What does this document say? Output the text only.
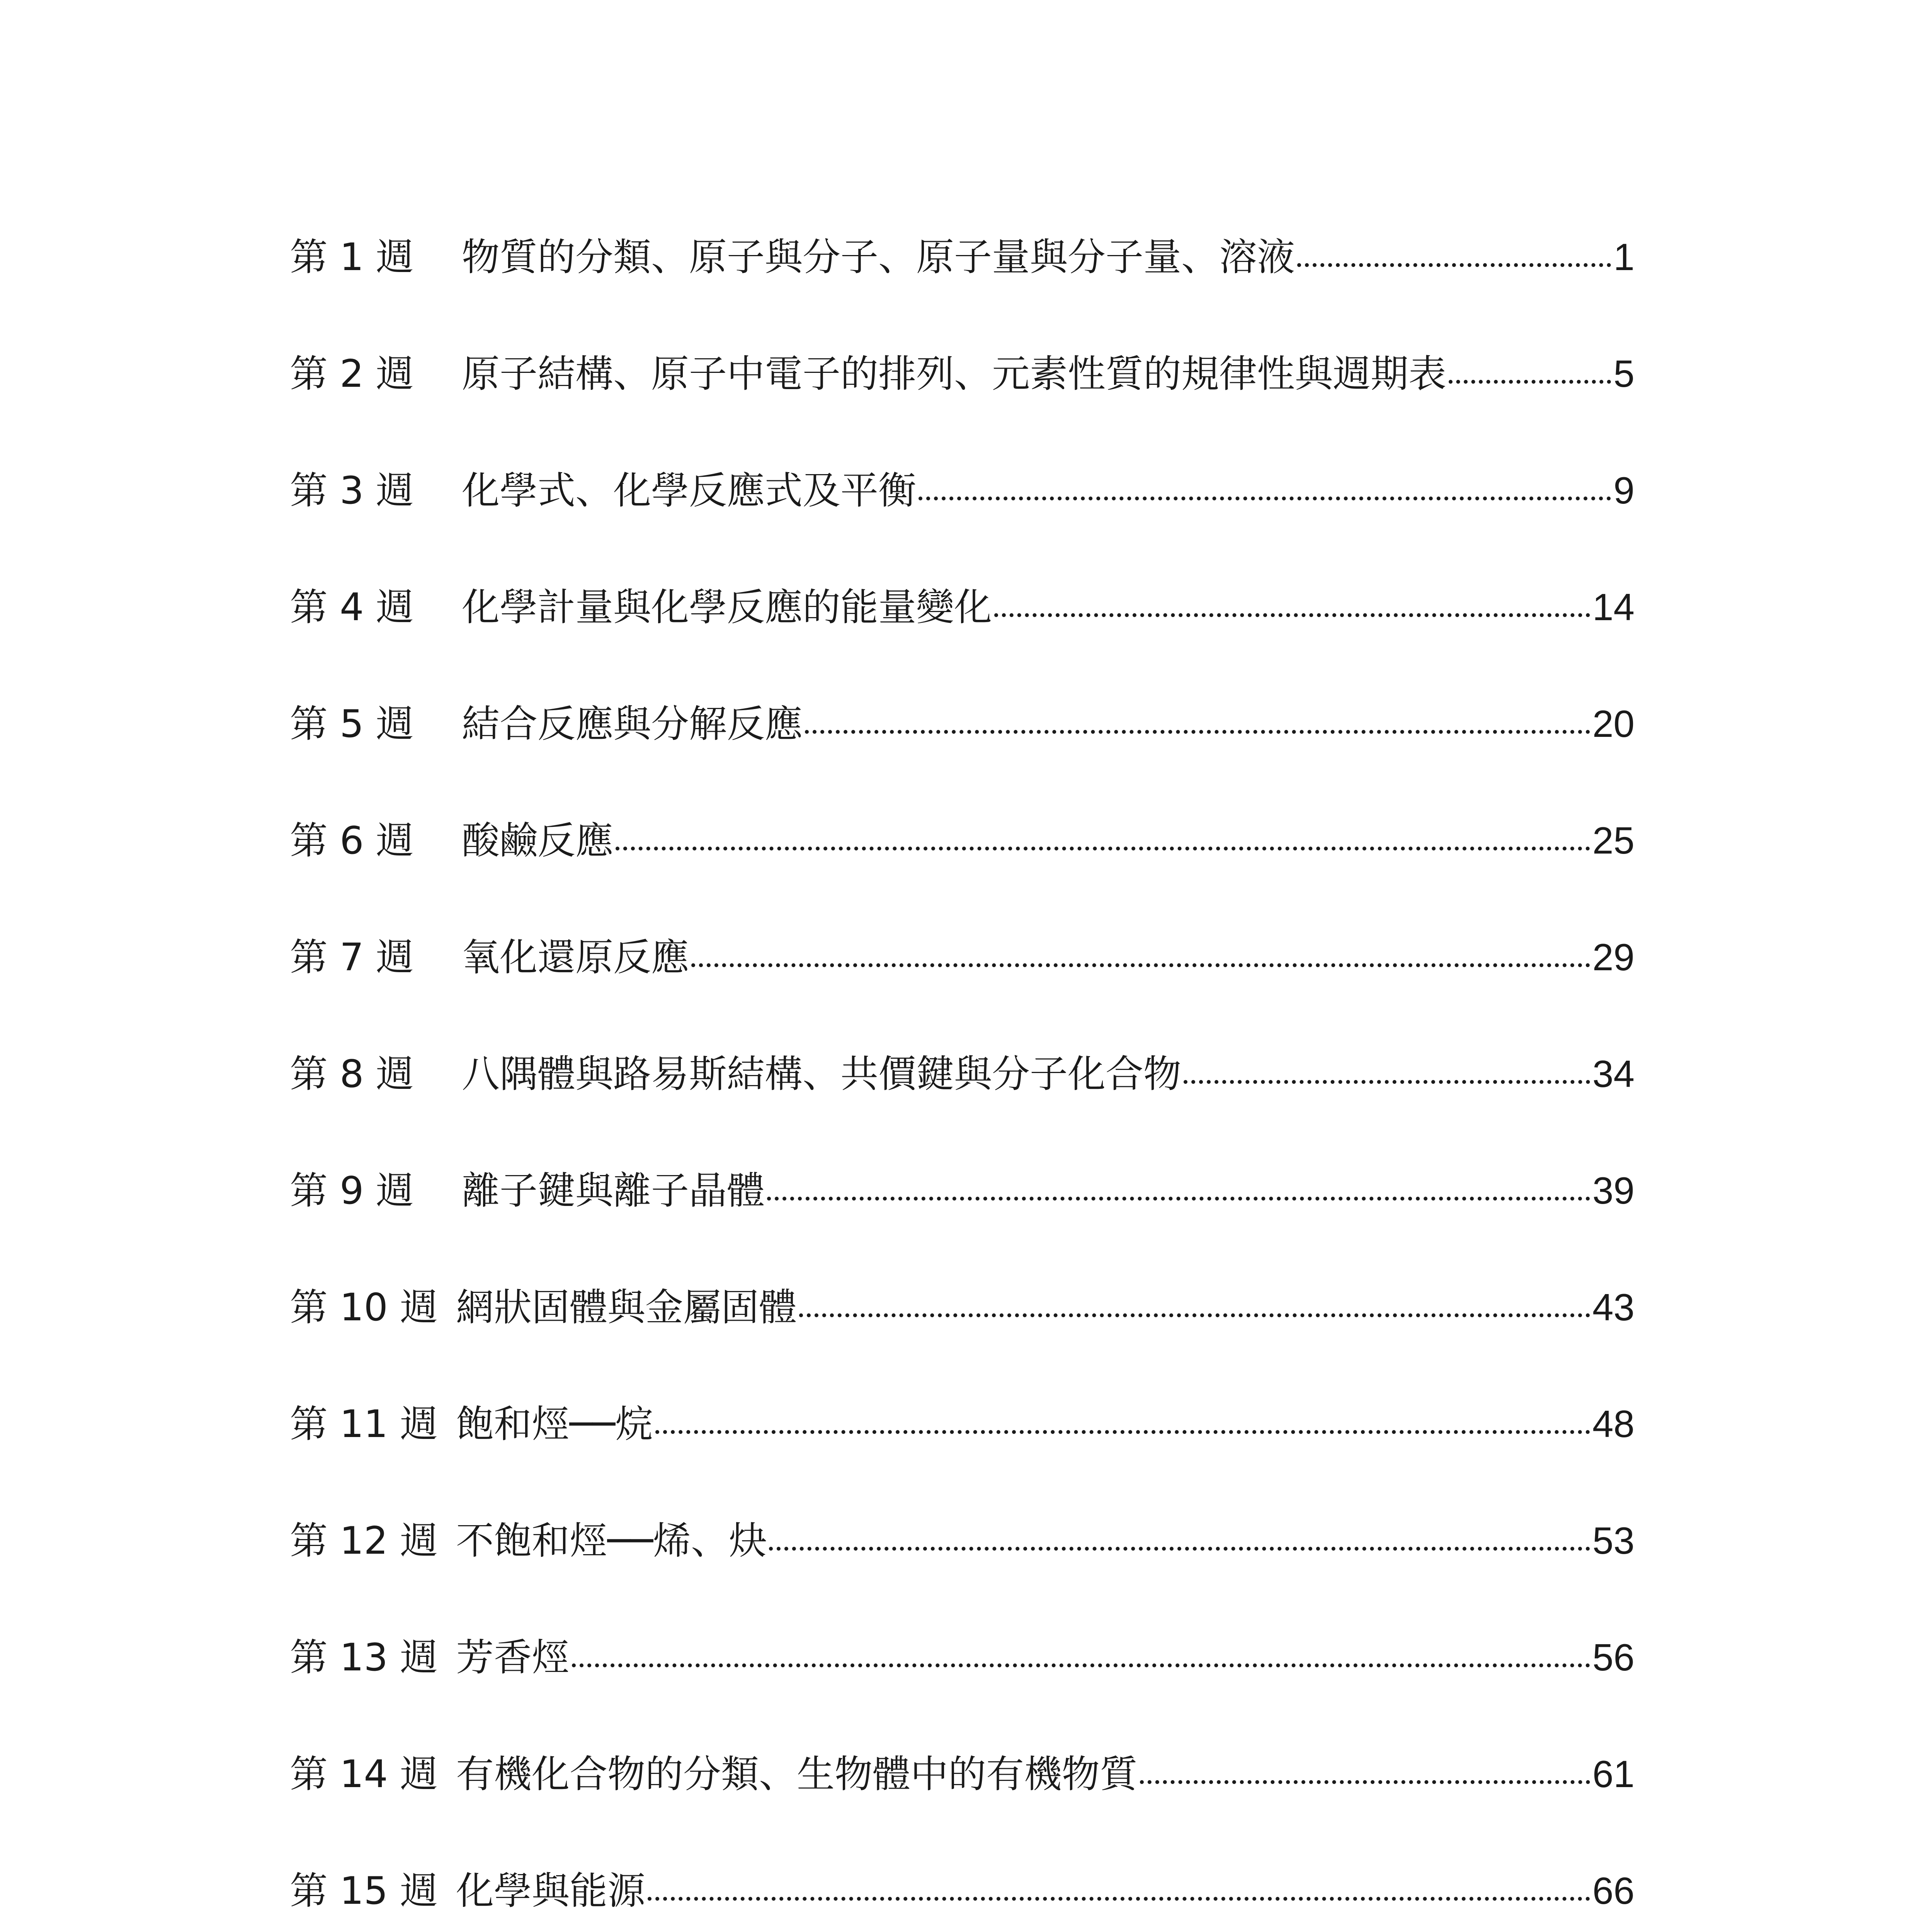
第 1 週	物質的分類、原子與分子、原子量與分子量、溶液	1
第 2 週	原子結構、原子中電子的排列、元素性質的規律性與週期表	5
第 3 週	化學式、化學反應式及平衡	9
第 4 週	化學計量與化學反應的能量變化	14
第 5 週	結合反應與分解反應	20
第 6 週	酸鹼反應	25
第 7 週	氧化還原反應	29
第 8 週	八隅體與路易斯結構、共價鍵與分子化合物	34
第 9 週	離子鍵與離子晶體	39
第 10 週 網狀固體與金屬固體	43
第 11 週 飽和烴──烷	48
第 12 週 不飽和烴──烯、炔	53
第 13 週 芳香烴	56
第 14 週 有機化合物的分類、生物體中的有機物質	61
第 15 週 化學與能源	66
